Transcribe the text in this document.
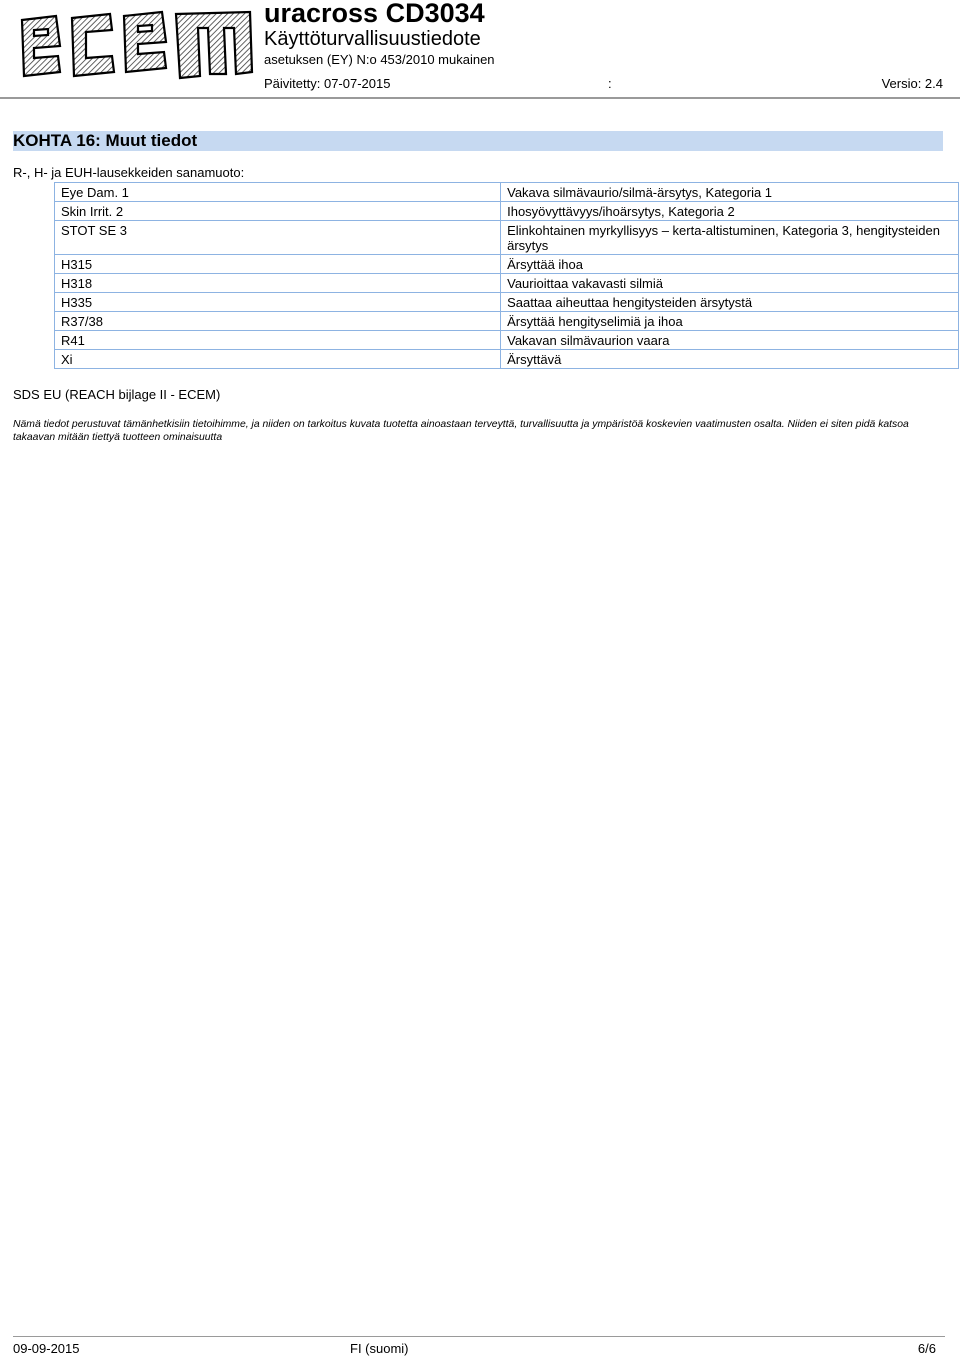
uracross CD3034
Käyttöturvallisuustiedote
asetuksen (EY) N:o 453/2010 mukainen
Päivitetty: 07-07-2015	:	Versio: 2.4
KOHTA 16: Muut tiedot
R-, H- ja EUH-lausekkeiden sanamuoto:
Eye Dam. 1	Vakava silmävaurio/silmä-ärsytys, Kategoria 1
Skin Irrit. 2	Ihosyövyttävyys/ihoärsytys, Kategoria 2
STOT SE 3	Elinkohtainen myrkyllisyys – kerta-altistuminen, Kategoria 3, hengitysteiden ärsytys
H315	Ärsyttää ihoa
H318	Vaurioittaa vakavasti silmiä
H335	Saattaa aiheuttaa hengitysteiden ärsytystä
R37/38	Ärsyttää hengityselimiä ja ihoa
R41	Vakavan silmävaurion vaara
Xi	Ärsyttävä
SDS EU (REACH bijlage II - ECEM)
Nämä tiedot perustuvat tämänhetkisiin tietoihimme, ja niiden on tarkoitus kuvata tuotetta ainoastaan terveyttä, turvallisuutta ja ympäristöä koskevien vaatimusten osalta. Niiden ei siten pidä katsoa takaavan mitään tiettyä tuotteen ominaisuutta
09-09-2015	FI (suomi)	6/6
